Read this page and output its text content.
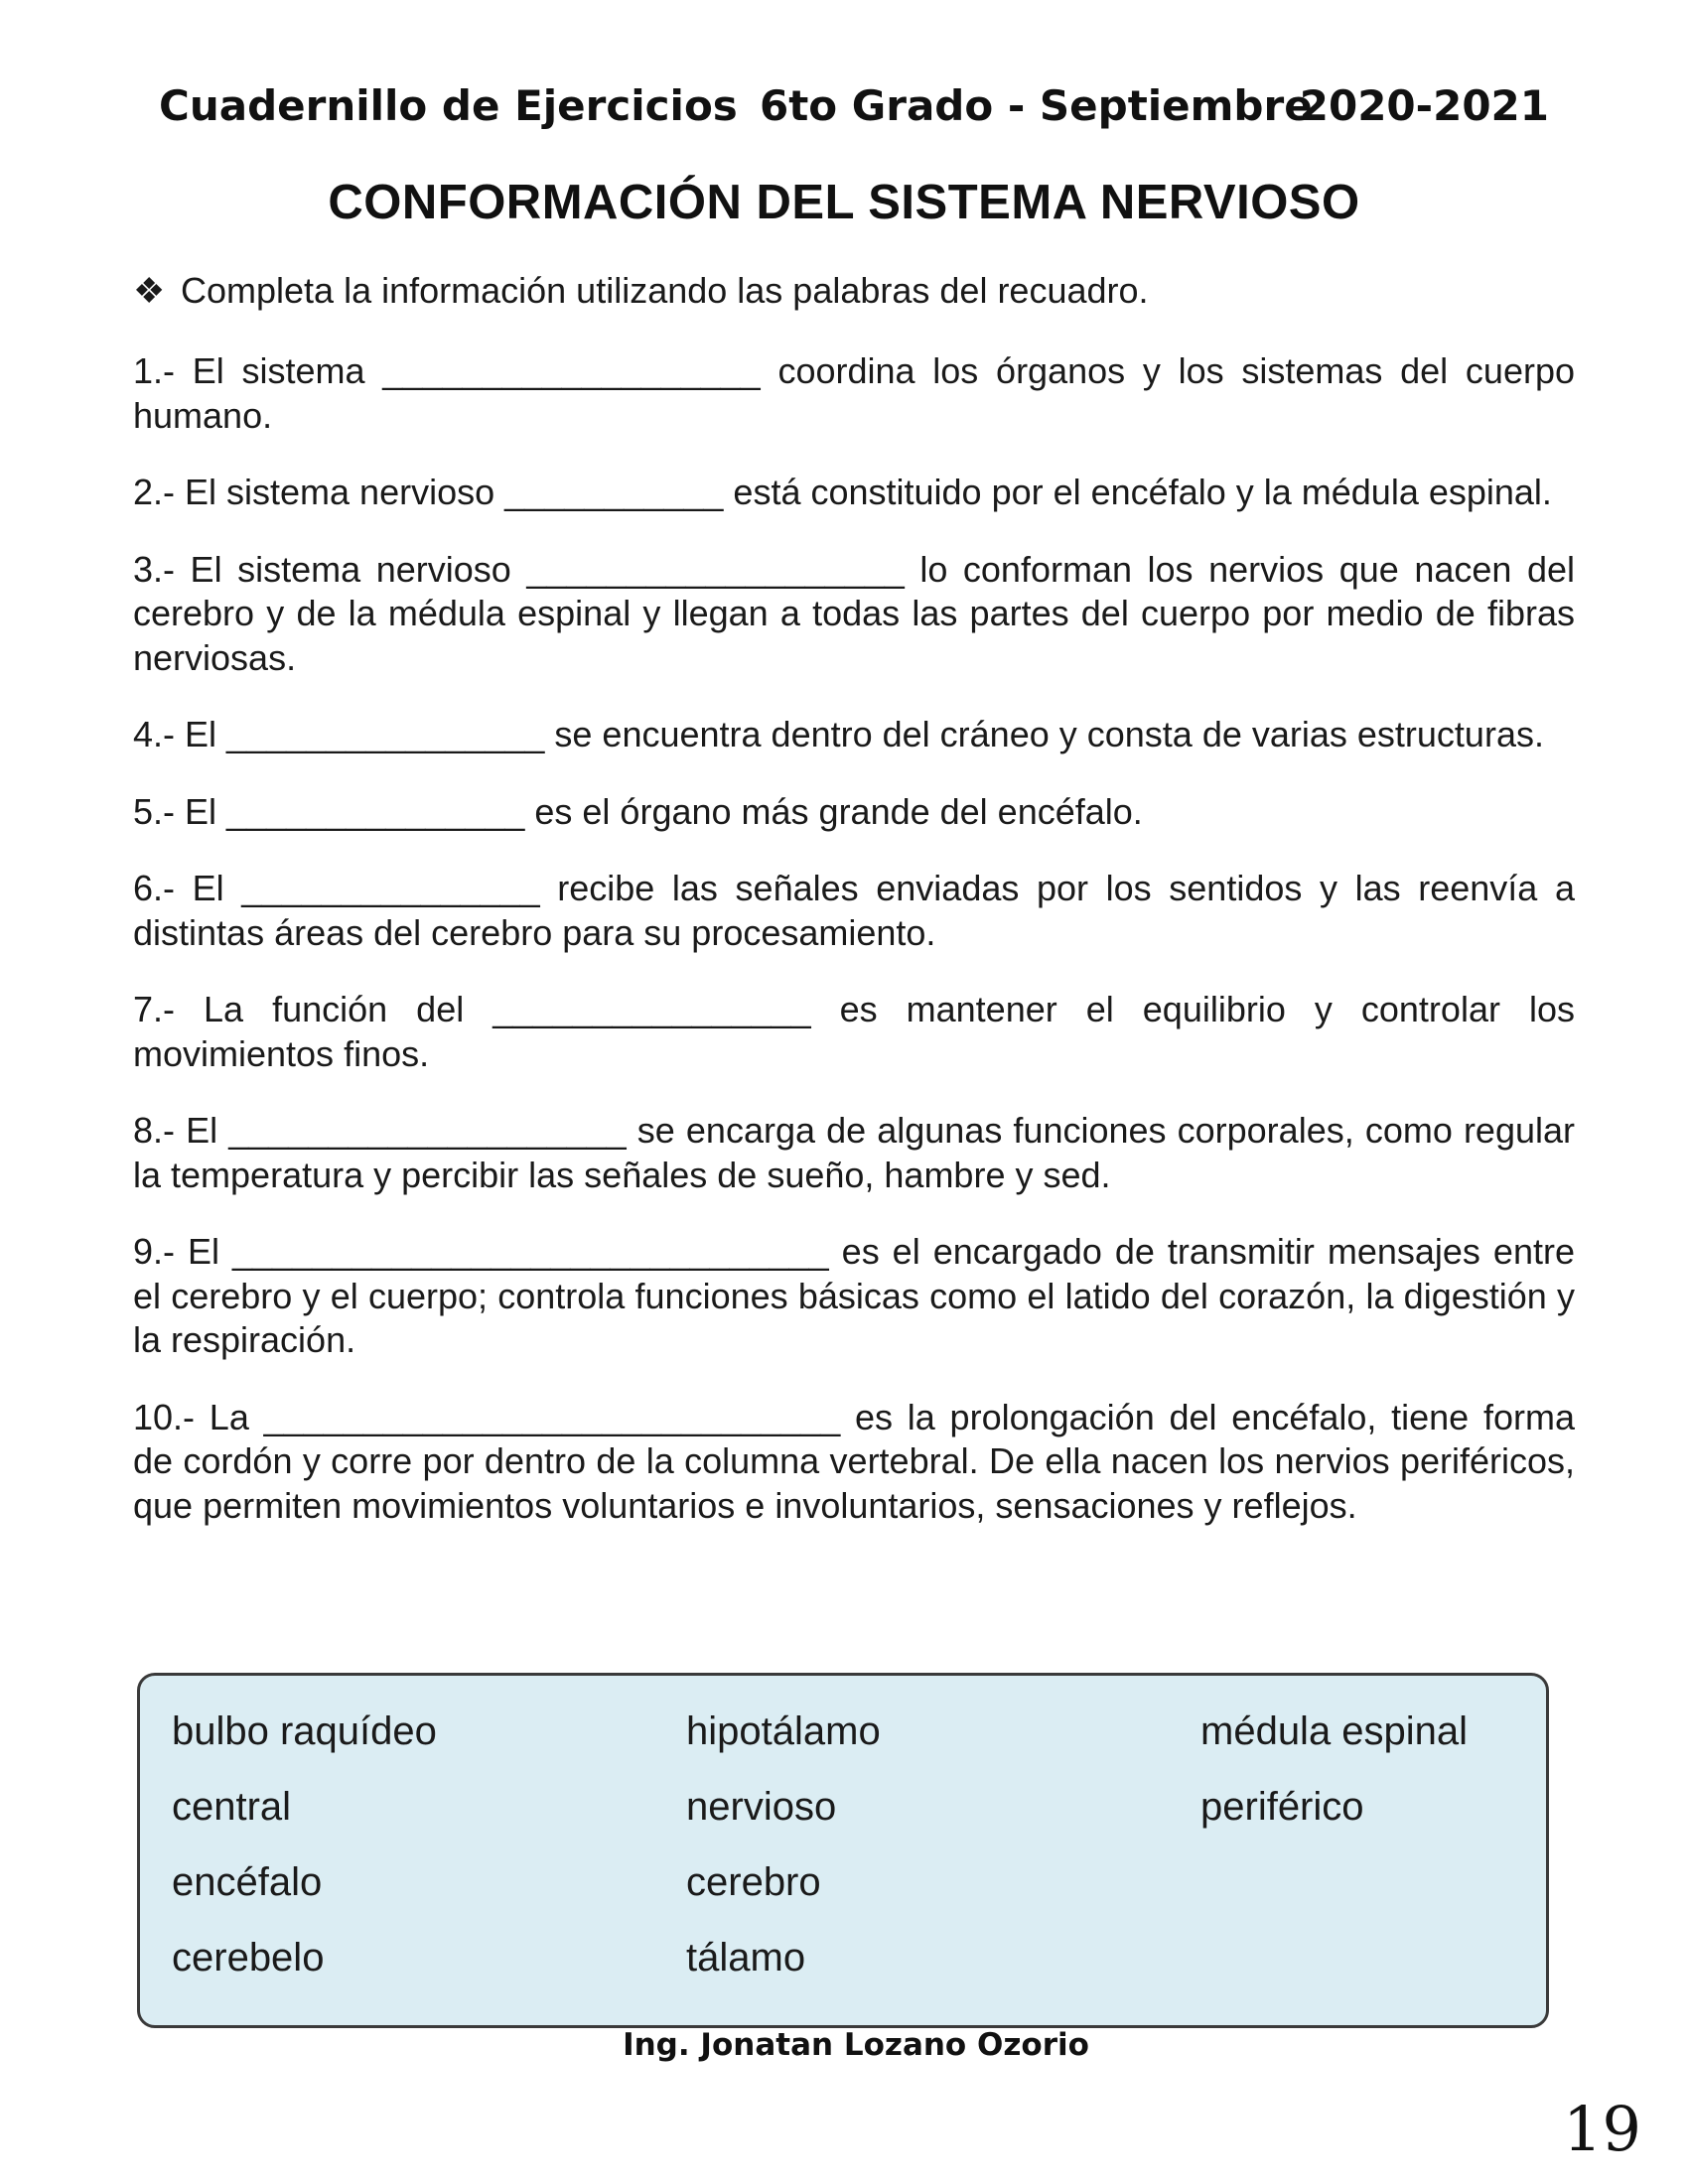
Cuadernillo de Ejercicios 6to Grado - Septiembre
2020-2021
CONFORMACIÓN DEL SISTEMA NERVIOSO
❖ Completa la información utilizando las palabras del recuadro.

1.- El sistema ___________________ coordina los órganos y los sistemas del cuerpo humano.

2.- El sistema nervioso ___________ está constituido por el encéfalo y la médula espinal.

3.- El sistema nervioso ___________________ lo conforman los nervios que nacen del cerebro y de la médula espinal y llegan a todas las partes del cuerpo por medio de fibras nerviosas.

4.- El ________________ se encuentra dentro del cráneo y consta de varias estructuras.

5.- El _______________ es el órgano más grande del encéfalo.

6.- El _______________ recibe las señales enviadas por los sentidos y las reenvía a distintas áreas del cerebro para su procesamiento.

7.- La función del ________________ es mantener el equilibrio y controlar los movimientos finos.

8.- El ____________________ se encarga de algunas funciones corporales, como regular la temperatura y percibir las señales de sueño, hambre y sed.

9.- El ______________________________ es el encargado de transmitir mensajes entre el cerebro y el cuerpo; controla funciones básicas como el latido del corazón, la digestión y la respiración.

10.- La _____________________________ es la prolongación del encéfalo, tiene forma de cordón y corre por dentro de la columna vertebral. De ella nacen los nervios periféricos, que permiten movimientos voluntarios e involuntarios, sensaciones y reflejos.

bulbo raquídeo
central
encéfalo
cerebelo
hipotálamo
nervioso
cerebro
tálamo
médula espinal
periférico
Ing. Jonatan Lozano Ozorio
19
